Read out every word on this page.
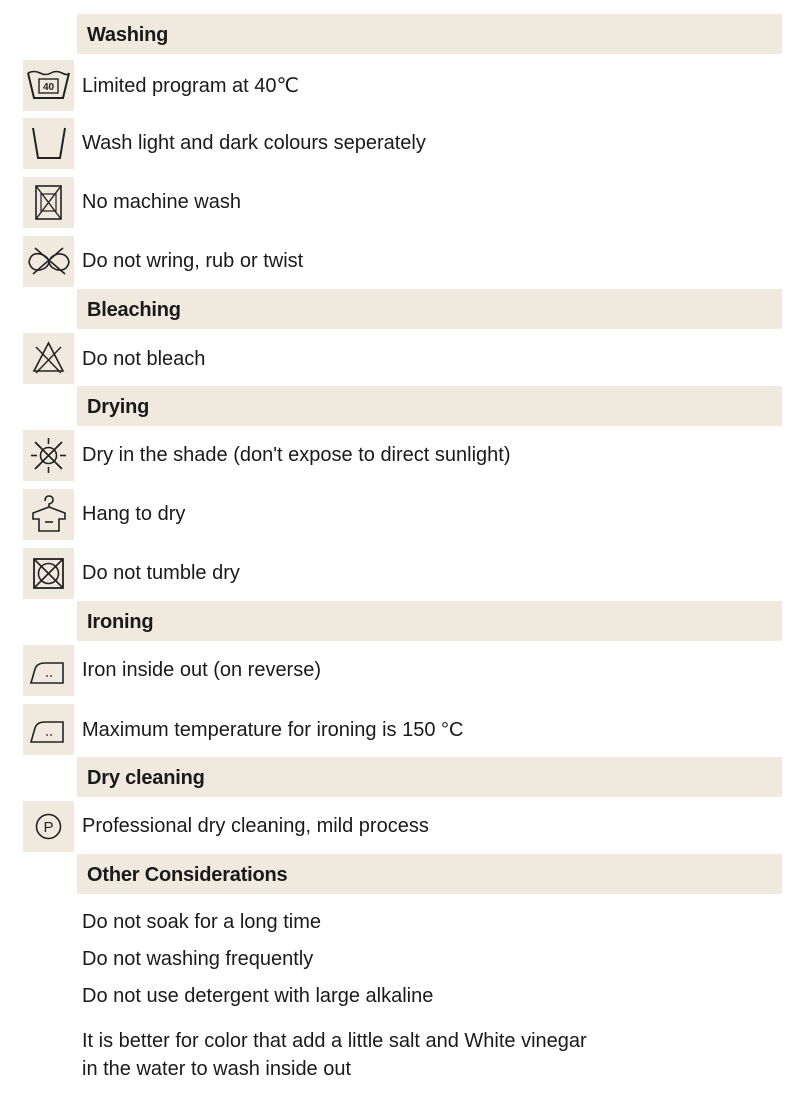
Washing
40 Limited program at 40℃
Wash light and dark colours seperately
No machine wash
Do not wring, rub or twist
Bleaching
Do not bleach
Drying
Dry in the shade (don't expose to direct sunlight)
Hang to dry
Do not tumble dry
Ironing
Iron inside out (on reverse)
Maximum temperature for ironing is 150 °C
Dry cleaning
P Professional dry cleaning, mild process
Other Considerations
Do not soak for a long time
Do not washing frequently
Do not use detergent with large alkaline
It is better for color that add a little salt and White vinegar
in the water to wash inside out
